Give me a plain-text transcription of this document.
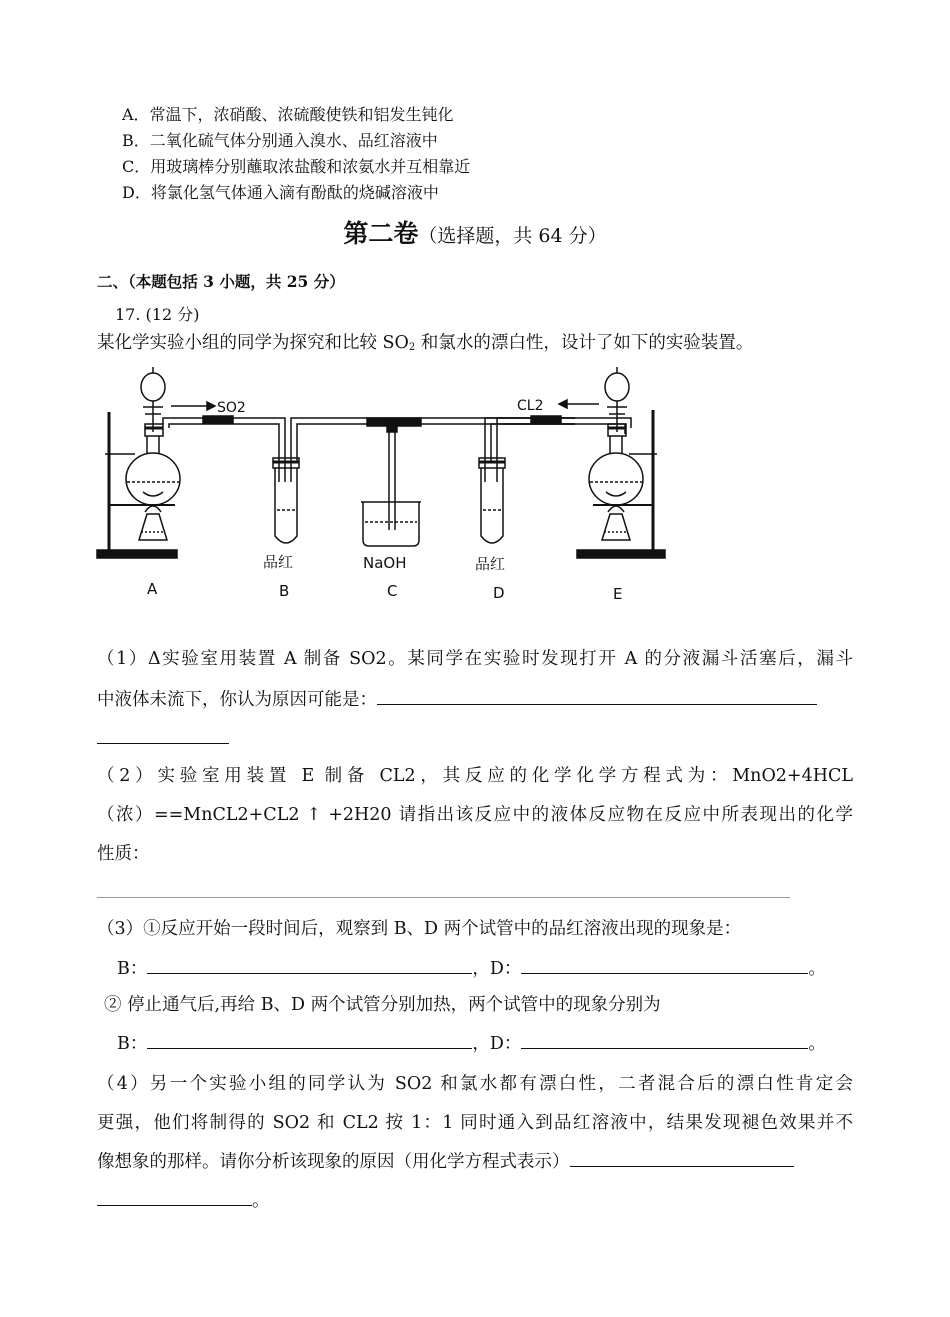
A．常温下，浓硝酸、浓硫酸使铁和铝发生钝化
B．二氧化硫气体分别通入溴水、品红溶液中
C．用玻璃棒分别蘸取浓盐酸和浓氨水并互相靠近
D．将氯化氢气体通入滴有酚酞的烧碱溶液中
第二卷（选择题，共 64 分）
二、（本题包括 3 小题，共 25 分）
17. (12 分)
某化学实验小组的同学为探究和比较 $SO_2$ 和氯水的漂白性，设计了如下的实验装置。
SO2	CL2
品红	NaOH	品红
A	B	C	D	E
（1）Δ实验室用装置 A 制备 SO2。某同学在实验时发现打开 A 的分液漏斗活塞后，漏斗
中液体未流下，你认为原因可能是：
（2）实验室用装置 E 制备 CL2，其反应的化学化学方程式为：MnO2+4HCL
（浓）==MnCL2+CL2 ↑ +2H20 请指出该反应中的液体反应物在反应中所表现出的化学
性质：
（3）①反应开始一段时间后，观察到 B、D 两个试管中的品红溶液出现的现象是：
B：	，D：	。
② 停止通气后,再给 B、D 两个试管分别加热，两个试管中的现象分别为
B：	，D：	。
（4）另一个实验小组的同学认为 SO2 和氯水都有漂白性，二者混合后的漂白性肯定会
更强，他们将制得的 SO2 和 CL2 按 1：1 同时通入到品红溶液中，结果发现褪色效果并不
像想象的那样。请你分析该现象的原因（用化学方程式表示）
。
